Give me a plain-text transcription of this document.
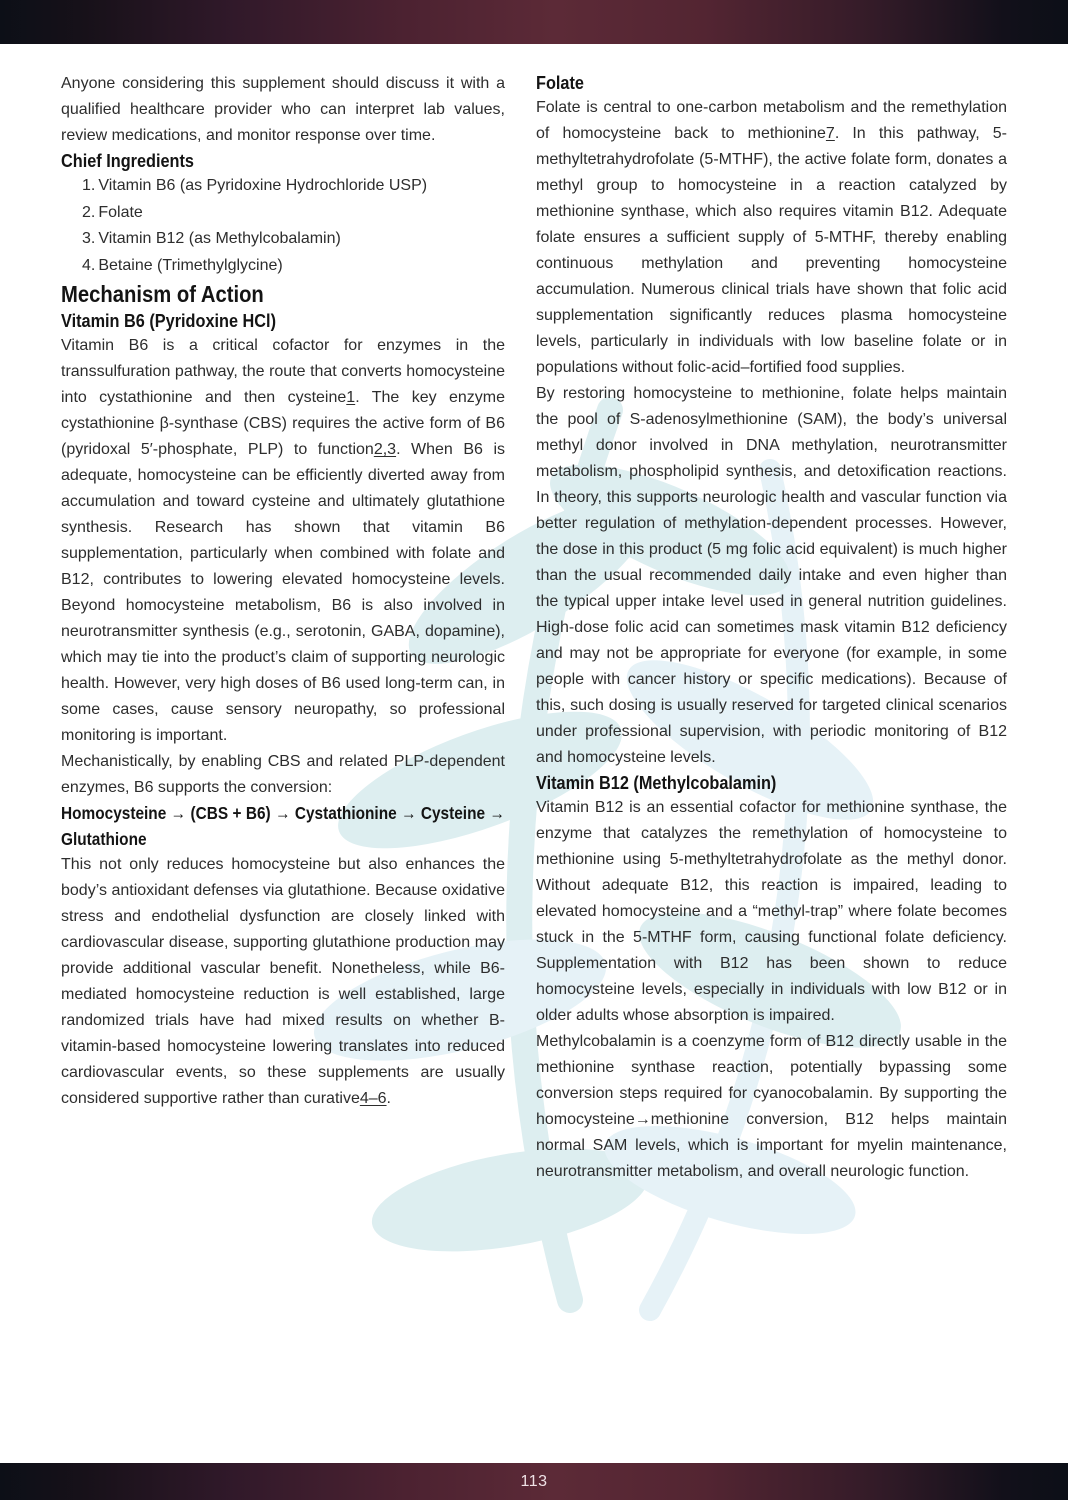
Anyone considering this supplement should discuss it with a qualified healthcare provider who can interpret lab values, review medications, and monitor response over time.

Chief Ingredients
1. Vitamin B6 (as Pyridoxine Hydrochloride USP)
2. Folate
3. Vitamin B12 (as Methylcobalamin)
4. Betaine (Trimethylglycine)
Mechanism of Action
Vitamin B6 (Pyridoxine HCl)

Vitamin B6 is a critical cofactor for enzymes in the transsulfuration pathway, the route that converts homocysteine into cystathionine and then cysteine1. The key enzyme cystathionine β-synthase (CBS) requires the active form of B6 (pyridoxal 5′-phosphate, PLP) to function2,3. When B6 is adequate, homocysteine can be efficiently diverted away from accumulation and toward cysteine and ultimately glutathione synthesis. Research has shown that vitamin B6 supplementation, particularly when combined with folate and B12, contributes to lowering elevated homocysteine levels. Beyond homocysteine metabolism, B6 is also involved in neurotransmitter synthesis (e.g., serotonin, GABA, dopamine), which may tie into the product’s claim of supporting neurologic health. However, very high doses of B6 used long-term can, in some cases, cause sensory neuropathy, so professional monitoring is important.

Mechanistically, by enabling CBS and related PLP-dependent enzymes, B6 supports the conversion:

Homocysteine → (CBS + B6) → Cystathionine → Cysteine → Glutathione

This not only reduces homocysteine but also enhances the body’s antioxidant defenses via glutathione. Because oxidative stress and endothelial dysfunction are closely linked with cardiovascular disease, supporting glutathione production may provide additional vascular benefit. Nonetheless, while B6-mediated homocysteine reduction is well established, large randomized trials have had mixed results on whether B-vitamin-based homocysteine lowering translates into reduced cardiovascular events, so these supplements are usually considered supportive rather than curative4–6.

Folate

Folate is central to one-carbon metabolism and the remethylation of homocysteine back to methionine7. In this pathway, 5-methyltetrahydrofolate (5-MTHF), the active folate form, donates a methyl group to homocysteine in a reaction catalyzed by methionine synthase, which also requires vitamin B12. Adequate folate ensures a sufficient supply of 5-MTHF, thereby enabling continuous methylation and preventing homocysteine accumulation. Numerous clinical trials have shown that folic acid supplementation significantly reduces plasma homocysteine levels, particularly in individuals with low baseline folate or in populations without folic-acid–fortified food supplies.

By restoring homocysteine to methionine, folate helps maintain the pool of S-adenosylmethionine (SAM), the body’s universal methyl donor involved in DNA methylation, neurotransmitter metabolism, phospholipid synthesis, and detoxification reactions. In theory, this supports neurologic health and vascular function via better regulation of methylation-dependent processes. However, the dose in this product (5 mg folic acid equivalent) is much higher than the usual recommended daily intake and even higher than the typical upper intake level used in general nutrition guidelines. High-dose folic acid can sometimes mask vitamin B12 deficiency and may not be appropriate for everyone (for example, in some people with cancer history or specific medications). Because of this, such dosing is usually reserved for targeted clinical scenarios under professional supervision, with periodic monitoring of B12 and homocysteine levels.

Vitamin B12 (Methylcobalamin)

Vitamin B12 is an essential cofactor for methionine synthase, the enzyme that catalyzes the remethylation of homocysteine to methionine using 5-methyltetrahydrofolate as the methyl donor. Without adequate B12, this reaction is impaired, leading to elevated homocysteine and a “methyl-trap” where folate becomes stuck in the 5-MTHF form, causing functional folate deficiency. Supplementation with B12 has been shown to reduce homocysteine levels, especially in individuals with low B12 or in older adults whose absorption is impaired.

Methylcobalamin is a coenzyme form of B12 directly usable in the methionine synthase reaction, potentially bypassing some conversion steps required for cyanocobalamin. By supporting the homocysteine→methionine conversion, B12 helps maintain normal SAM levels, which is important for myelin maintenance, neurotransmitter metabolism, and overall neurologic function.

113
